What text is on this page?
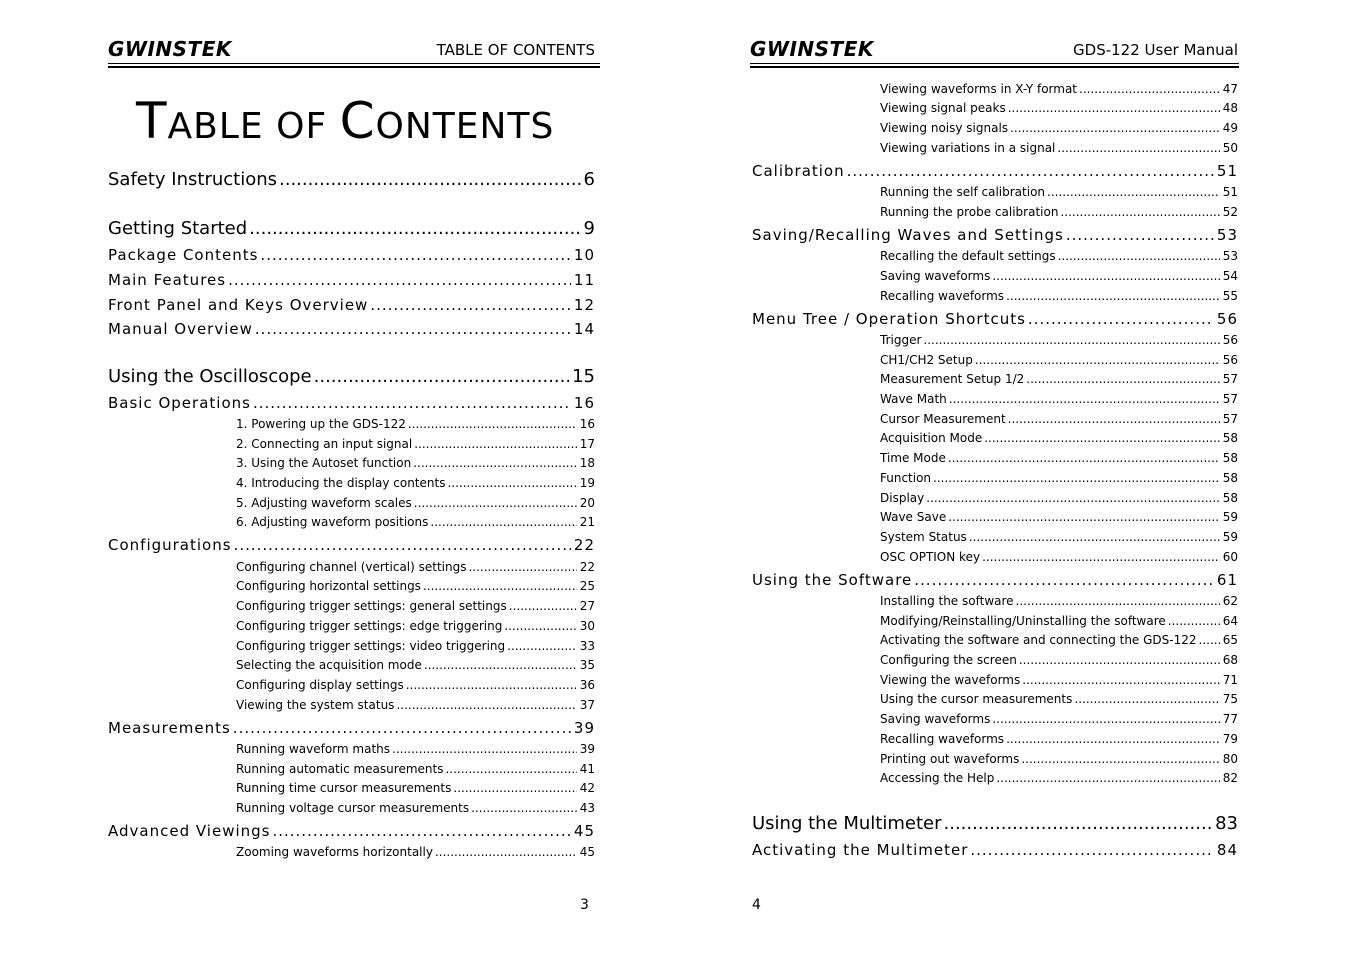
GWINSTEK	TABLE OF CONTENTS
TABLE OF CONTENTS
Safety Instructions .....	6
Getting Started .....	9
Package Contents .....	10
Main Features .....	11
Front Panel and Keys Overview .....	12
Manual Overview .....	14
Using the Oscilloscope .....	15
Basic Operations .....	16
1. Powering up the GDS-122 .....	16
2. Connecting an input signal .....	17
3. Using the Autoset function .....	18
4. Introducing the display contents .....	19
5. Adjusting waveform scales .....	20
6. Adjusting waveform positions .....	21
Configurations .....	22
Configuring channel (vertical) settings .....	22
Configuring horizontal settings .....	25
Configuring trigger settings: general settings .....	27
Configuring trigger settings: edge triggering .....	30
Configuring trigger settings: video triggering .....	33
Selecting the acquisition mode .....	35
Configuring display settings .....	36
Viewing the system status .....	37
Measurements .....	39
Running waveform maths .....	39
Running automatic measurements .....	41
Running time cursor measurements .....	42
Running voltage cursor measurements .....	43
Advanced Viewings .....	45
Zooming waveforms horizontally .....	45
3
GWINSTEK	GDS-122 User Manual
Viewing waveforms in X-Y format .....	47
Viewing signal peaks .....	48
Viewing noisy signals .....	49
Viewing variations in a signal .....	50
Calibration .....	51
Running the self calibration .....	51
Running the probe calibration .....	52
Saving/Recalling Waves and Settings .....	53
Recalling the default settings .....	53
Saving waveforms .....	54
Recalling waveforms .....	55
Menu Tree / Operation Shortcuts .....	56
Trigger .....	56
CH1/CH2 Setup .....	56
Measurement Setup 1/2 .....	57
Wave Math .....	57
Cursor Measurement .....	57
Acquisition Mode .....	58
Time Mode .....	58
Function .....	58
Display .....	58
Wave Save .....	59
System Status .....	59
OSC OPTION key .....	60
Using the Software .....	61
Installing the software .....	62
Modifying/Reinstalling/Uninstalling the software .....	64
Activating the software and connecting the GDS-122 ..... 65
Configuring the screen .....	68
Viewing the waveforms .....	71
Using the cursor measurements .....	75
Saving waveforms .....	77
Recalling waveforms .....	79
Printing out waveforms .....	80
Accessing the Help .....	82
Using the Multimeter .....	83
Activating the Multimeter .....	84
4
